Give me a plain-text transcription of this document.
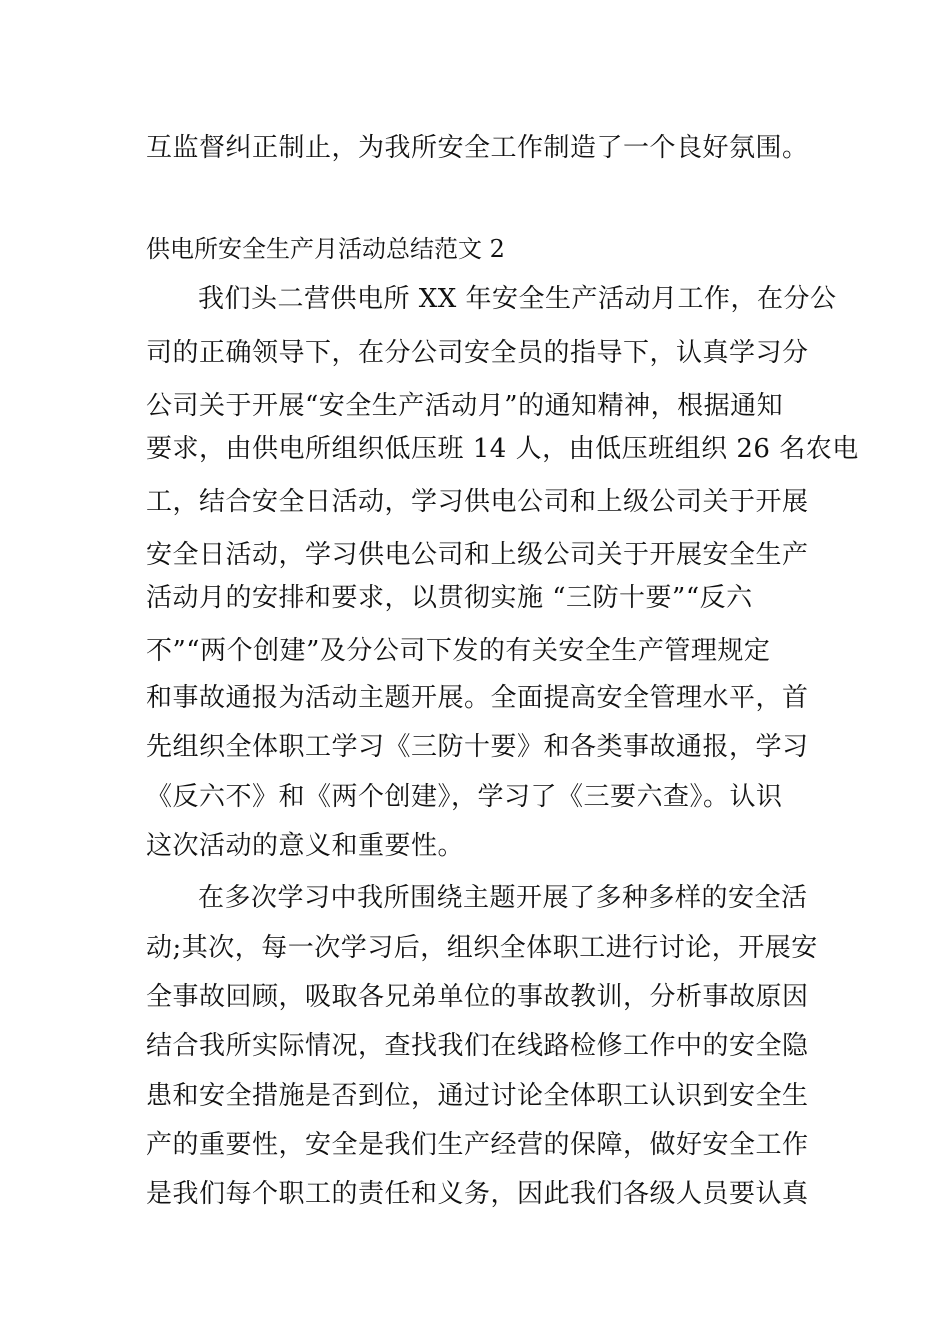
互监督纠正制止，为我所安全工作制造了一个良好氛围。
供电所安全生产月活动总结范文 2
我们头二营供电所 XX 年安全生产活动月工作，在分公
司的正确领导下，在分公司安全员的指导下，认真学习分
公司关于开展“安全生产活动月”的通知精神，根据通知
要求，由供电所组织低压班 14 人，由低压班组织 26 名农电
工，结合安全日活动，学习供电公司和上级公司关于开展
安全日活动，学习供电公司和上级公司关于开展安全生产
活动月的安排和要求，以贯彻实施 “三防十要”“反六
不”“两个创建”及分公司下发的有关安全生产管理规定
和事故通报为活动主题开展。全面提高安全管理水平，首
先组织全体职工学习《三防十要》和各类事故通报，学习
《反六不》和《两个创建》，学习了《三要六查》。认识
这次活动的意义和重要性。
在多次学习中我所围绕主题开展了多种多样的安全活
动;其次，每一次学习后，组织全体职工进行讨论，开展安
全事故回顾，吸取各兄弟单位的事故教训，分析事故原因
结合我所实际情况，查找我们在线路检修工作中的安全隐
患和安全措施是否到位，通过讨论全体职工认识到安全生
产的重要性，安全是我们生产经营的保障，做好安全工作
是我们每个职工的责任和义务，因此我们各级人员要认真
